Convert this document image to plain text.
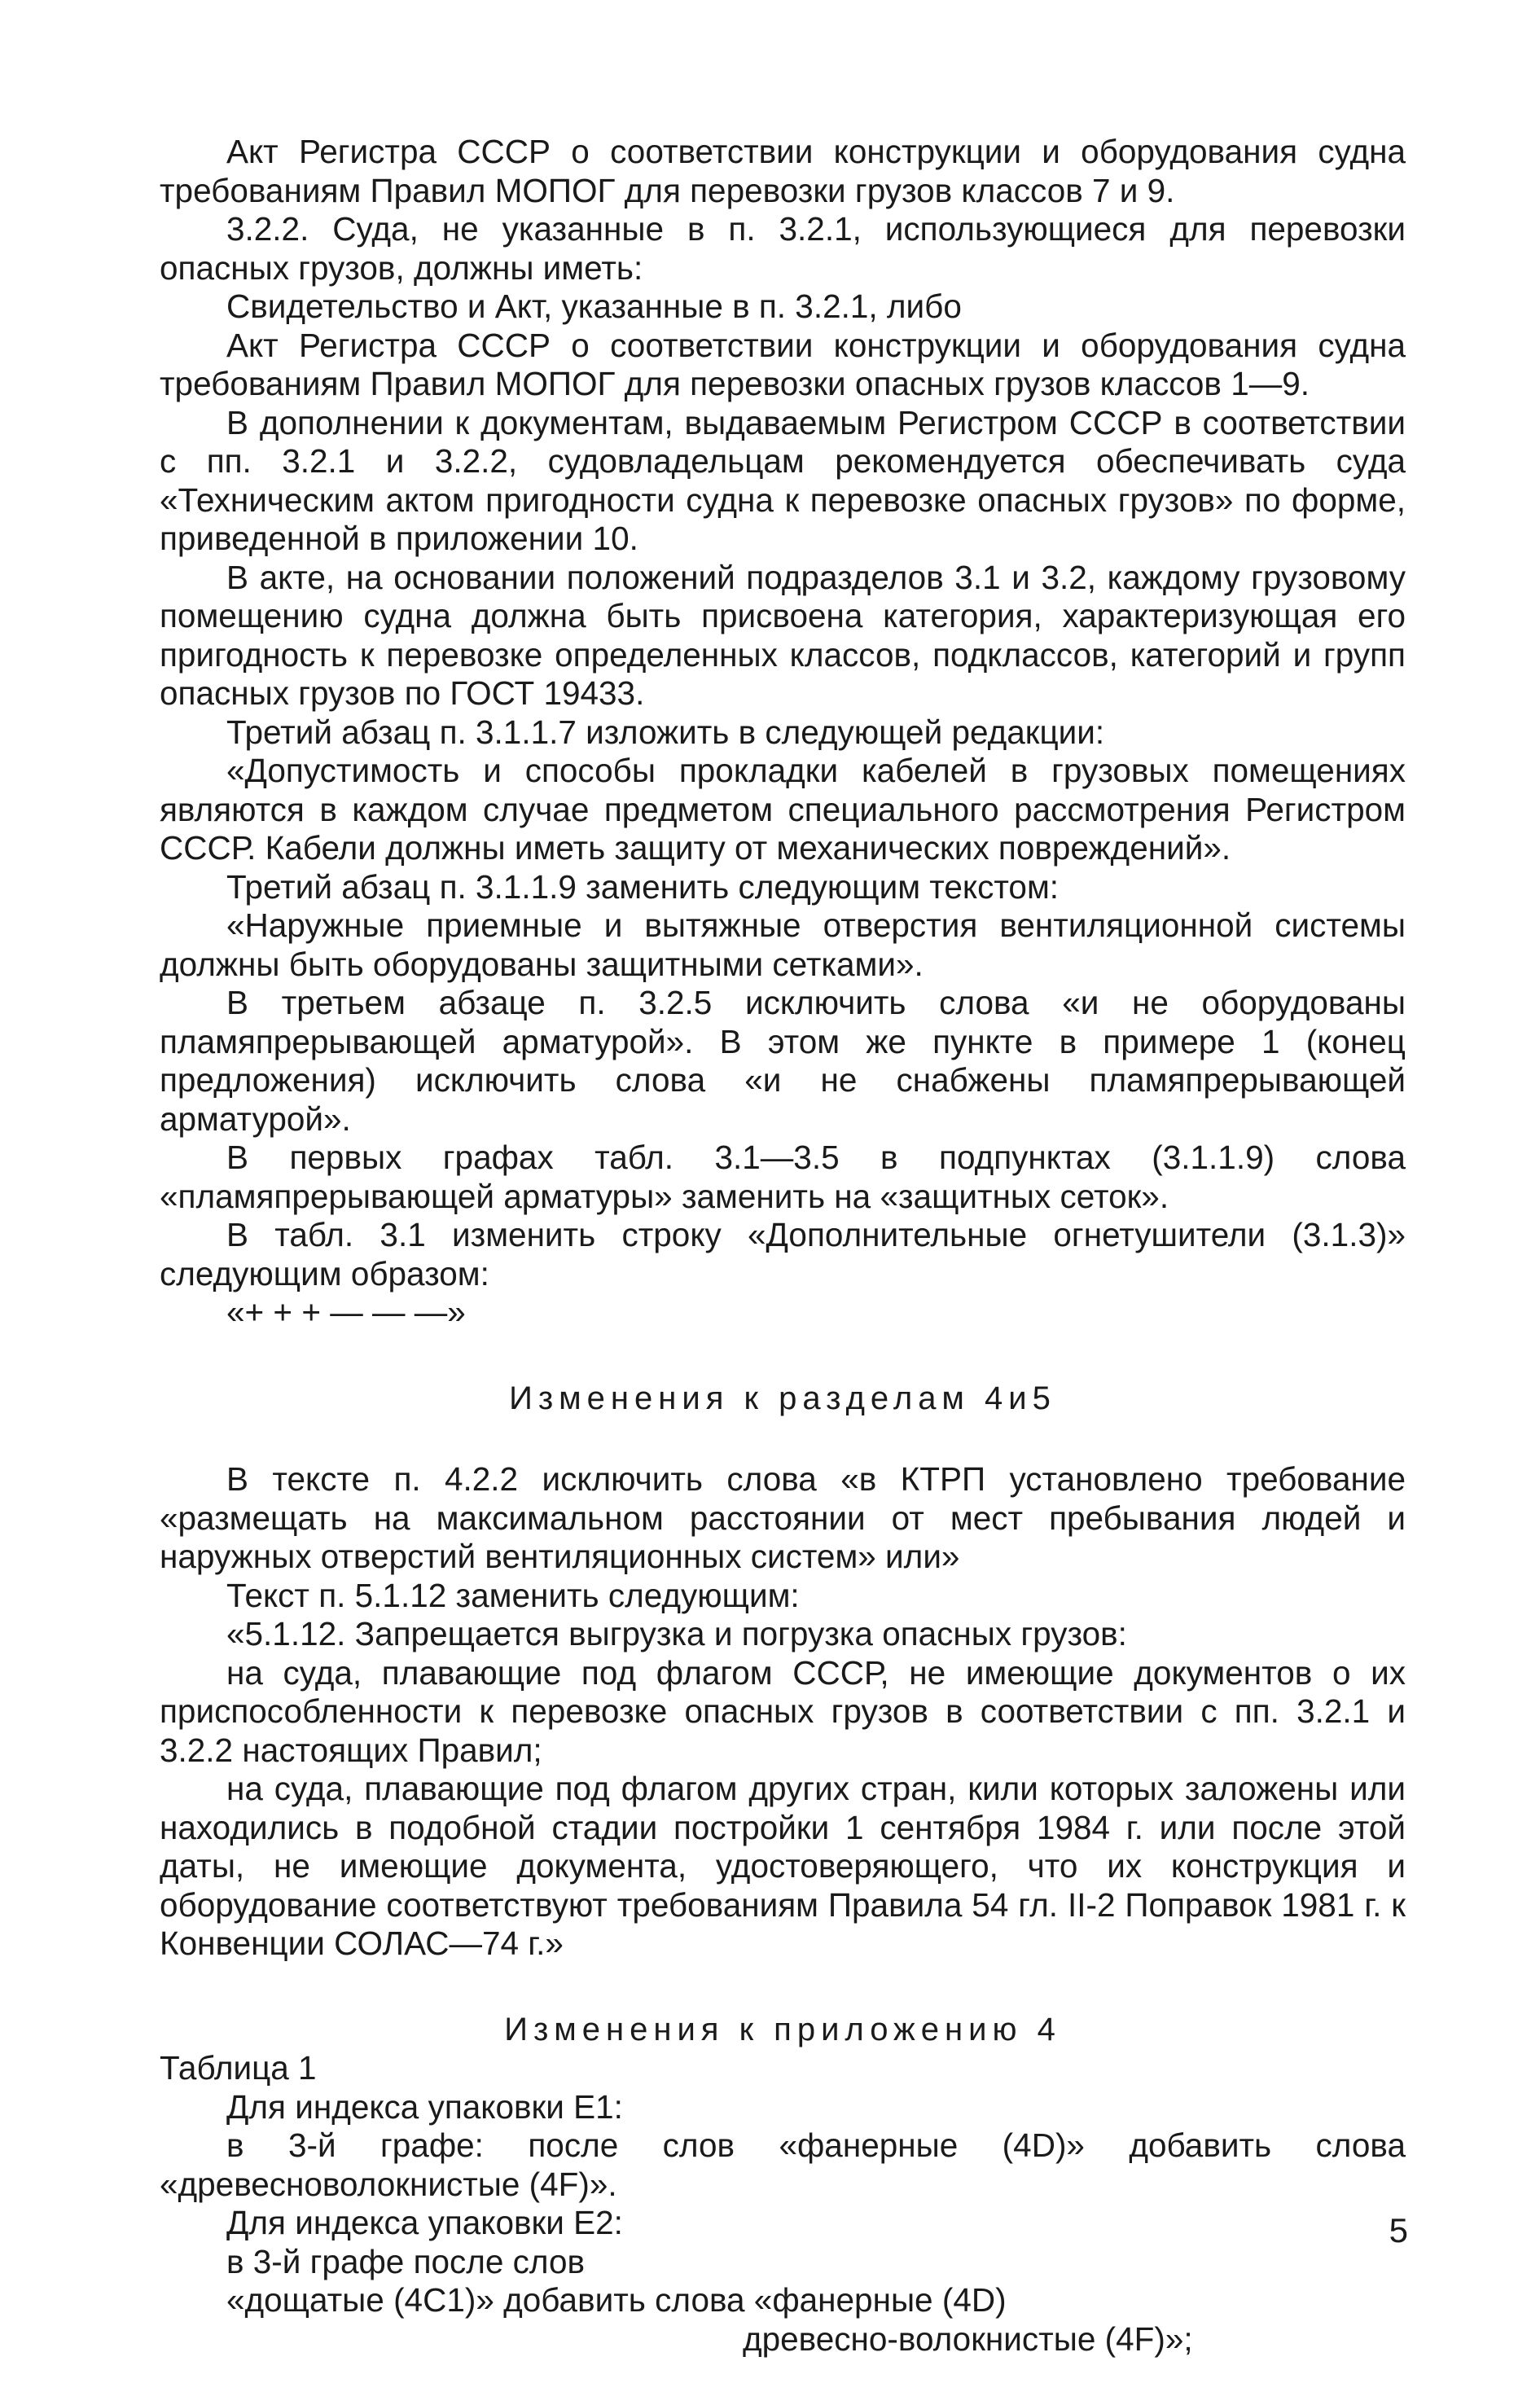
Акт Регистра СССР о соответствии конструкции и оборудования судна требованиям Правил МОПОГ для перевозки грузов классов 7 и 9.

3.2.2. Суда, не указанные в п. 3.2.1, использующиеся для перевозки опасных грузов, должны иметь:

Свидетельство и Акт, указанные в п. 3.2.1, либо

Акт Регистра СССР о соответствии конструкции и оборудования судна требованиям Правил МОПОГ для перевозки опасных грузов классов 1—9.

В дополнении к документам, выдаваемым Регистром СССР в соответствии с пп. 3.2.1 и 3.2.2, судовладельцам рекомендуется обеспечивать суда «Техническим актом пригодности судна к перевозке опасных грузов» по форме, приведенной в приложении 10.

В акте, на основании положений подразделов 3.1 и 3.2, каждому грузовому помещению судна должна быть присвоена категория, характеризующая его пригодность к перевозке определенных классов, подклассов, категорий и групп опасных грузов по ГОСТ 19433.

Третий абзац п. 3.1.1.7 изложить в следующей редакции:

«Допустимость и способы прокладки кабелей в грузовых помещениях являются в каждом случае предметом специального рассмотрения Регистром СССР. Кабели должны иметь защиту от механических повреждений».

Третий абзац п. 3.1.1.9 заменить следующим текстом:

«Наружные приемные и вытяжные отверстия вентиляционной системы должны быть оборудованы защитными сетками».

В третьем абзаце п. 3.2.5 исключить слова «и не оборудованы пламяпрерывающей арматурой». В этом же пункте в примере 1 (конец предложения) исключить слова «и не снабжены пламяпрерывающей арматурой».

В первых графах табл. 3.1—3.5 в подпунктах (3.1.1.9) слова «пламяпрерывающей арматуры» заменить на «защитных сеток».

В табл. 3.1 изменить строку «Дополнительные огнетушители (3.1.3)» следующим образом:

«+ + + — — —»

Изменения к разделам 4и5

В тексте п. 4.2.2 исключить слова «в КТРП установлено требование «размещать на максимальном расстоянии от мест пребывания людей и наружных отверстий вентиляционных систем» или»

Текст п. 5.1.12 заменить следующим:

«5.1.12. Запрещается выгрузка и погрузка опасных грузов:

на суда, плавающие под флагом СССР, не имеющие документов о их приспособленности к перевозке опасных грузов в соответствии с пп. 3.2.1 и 3.2.2 настоящих Правил;

на суда, плавающие под флагом других стран, кили которых заложены или находились в подобной стадии постройки 1 сентября 1984 г. или после этой даты, не имеющие документа, удостоверяющего, что их конструкция и оборудование соответствуют требованиям Правила 54 гл. II-2 Поправок 1981 г. к Конвенции СОЛАС—74 г.»

Изменения к приложению 4

Таблица 1

Для индекса упаковки Е1:

в 3-й графе: после слов «фанерные (4D)» добавить слова «древесноволокнистые (4F)».

Для индекса упаковки Е2:

в 3-й графе после слов

«дощатые (4С1)» добавить слова «фанерные (4D)

древесно-волокнистые (4F)»;

5
